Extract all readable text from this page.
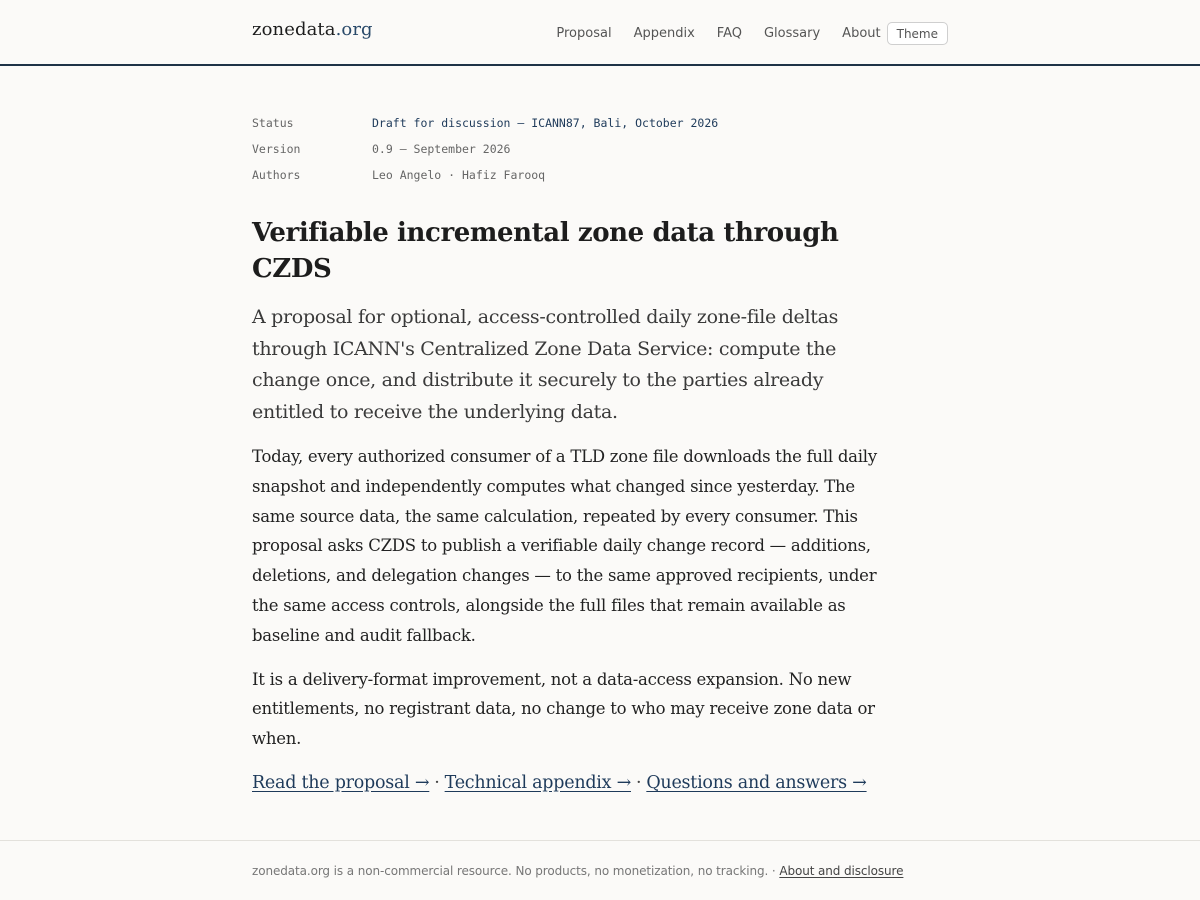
zonedata.org	Proposal Appendix FAQ Glossary About	Theme
Status	Draft for discussion — ICANN87, Bali, October 2026
Version	0.9 — September 2026
Authors	Leo Angelo · Hafiz Farooq
Verifiable incremental zone data through CZDS

A proposal for optional, access-controlled daily zone-file deltas through ICANN's Centralized Zone Data Service: compute the change once, and distribute it securely to the parties already entitled to receive the underlying data.

Today, every authorized consumer of a TLD zone file downloads the full daily snapshot and independently computes what changed since yesterday. The same source data, the same calculation, repeated by every consumer. This proposal asks CZDS to publish a verifiable daily change record — additions, deletions, and delegation changes — to the same approved recipients, under the same access controls, alongside the full files that remain available as baseline and audit fallback.

It is a delivery-format improvement, not a data-access expansion. No new entitlements, no registrant data, no change to who may receive zone data or when.

Read the proposal → · Technical appendix → · Questions and answers →

zonedata.org is a non-commercial resource. No products, no monetization, no tracking. · About and disclosure
